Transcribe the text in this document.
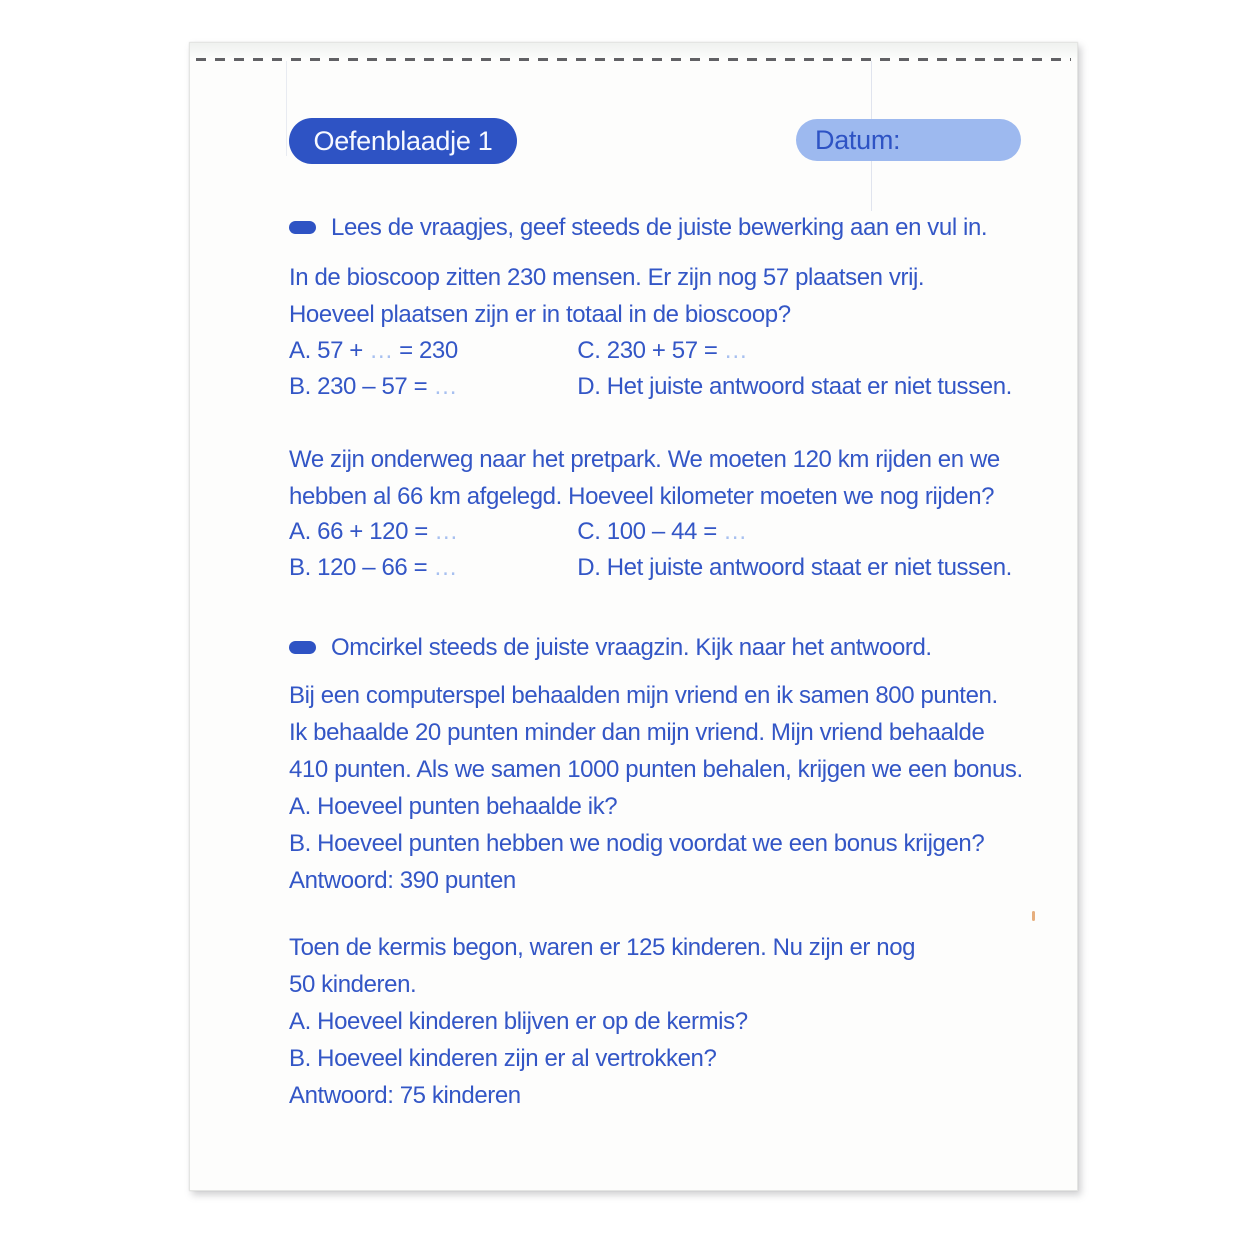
Oefenblaadje 1	Datum:
Lees de vraagjes, geef steeds de juiste bewerking aan en vul in.
In de bioscoop zitten 230 mensen. Er zijn nog 57 plaatsen vrij.
Hoeveel plaatsen zijn er in totaal in de bioscoop?
A. 57 + … = 230	C. 230 + 57 = …
B. 230 – 57 = …	D. Het juiste antwoord staat er niet tussen.
We zijn onderweg naar het pretpark. We moeten 120 km rijden en we
hebben al 66 km afgelegd. Hoeveel kilometer moeten we nog rijden?
A. 66 + 120 = …	C. 100 – 44 = …
B. 120 – 66 = …	D. Het juiste antwoord staat er niet tussen.
Omcirkel steeds de juiste vraagzin. Kijk naar het antwoord.
Bij een computerspel behaalden mijn vriend en ik samen 800 punten.
Ik behaalde 20 punten minder dan mijn vriend. Mijn vriend behaalde
410 punten. Als we samen 1000 punten behalen, krijgen we een bonus.
A. Hoeveel punten behaalde ik?
B. Hoeveel punten hebben we nodig voordat we een bonus krijgen?
Antwoord: 390 punten
Toen de kermis begon, waren er 125 kinderen. Nu zijn er nog
50 kinderen.
A. Hoeveel kinderen blijven er op de kermis?
B. Hoeveel kinderen zijn er al vertrokken?
Antwoord: 75 kinderen
